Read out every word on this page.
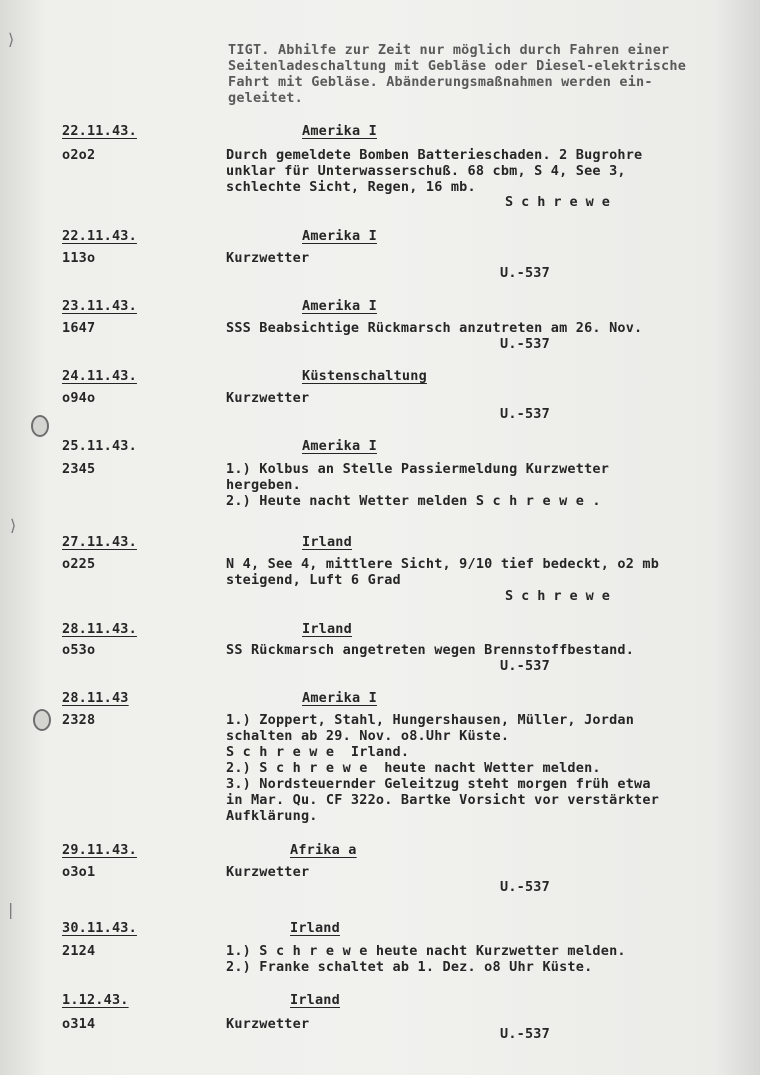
⟩
⟩
|
TIGT. Abhilfe zur Zeit nur möglich durch Fahren einer
Seitenladeschaltung mit Gebläse oder Diesel-elektrische
Fahrt mit Gebläse. Abänderungsmaßnahmen werden ein-
geleitet.
22.11.43.	Amerika I
o2o2	Durch gemeldete Bomben Batterieschaden. 2 Bugrohre
unklar für Unterwasserschuß. 68 cbm, S 4, See 3,
schlechte Sicht, Regen, 16 mb.
Schrewe
22.11.43.	Amerika I
113o	Kurzwetter
U.-537
23.11.43.	Amerika I
1647	SSS Beabsichtige Rückmarsch anzutreten am 26. Nov.
U.-537
24.11.43.	Küstenschaltung
o94o	Kurzwetter
U.-537
25.11.43.	Amerika I
2345	1.) Kolbus an Stelle Passiermeldung Kurzwetter
hergeben.
2.) Heute nacht Wetter melden S c h r e w e .
27.11.43.	Irland
o225	N 4, See 4, mittlere Sicht, 9/10 tief bedeckt, o2 mb
steigend, Luft 6 Grad
Schrewe
28.11.43.	Irland
o53o	SS Rückmarsch angetreten wegen Brennstoffbestand.
U.-537
28.11.43	Amerika I
2328	1.) Zoppert, Stahl, Hungershausen, Müller, Jordan
schalten ab 29. Nov. o8.Uhr Küste.
S c h r e w e  Irland.
2.) S c h r e w e  heute nacht Wetter melden.
3.) Nordsteuernder Geleitzug steht morgen früh etwa
in Mar. Qu. CF 322o. Bartke Vorsicht vor verstärkter
Aufklärung.
29.11.43.	Afrika a
o3o1	Kurzwetter
U.-537
30.11.43.	Irland
2124	1.) S c h r e w e heute nacht Kurzwetter melden.
2.) Franke schaltet ab 1. Dez. o8 Uhr Küste.
1.12.43.	Irland
o314	Kurzwetter
U.-537
